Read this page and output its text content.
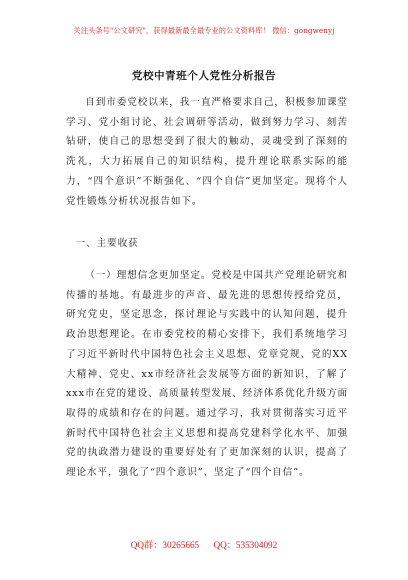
关注头条号"公文研究"，获得最新最全最专业的公文资料库！ 微信：gongwenyj
党校中青班个人党性分析报告

自到市委党校以来，我一直严格要求自己，积极参加课堂学习、党小组讨论、社会调研等活动，做到努力学习、刻苦钻研，使自己的思想受到了很大的触动，灵魂受到了深刻的洗礼，大力拓展自己的知识结构，提升理论联系实际的能力，“四个意识”不断强化、“四个自信”更加坚定。现将个人党性锻炼分析状况报告如下。

一、主要收获

（一）理想信念更加坚定。党校是中国共产党理论研究和传播的基地。有最进步的声音、最先进的思想传授给党员，研究党史，坚定思念，探讨理论与实践中的认知问题，提升政治思想理论。在市委党校的精心安排下，我们系统地学习了习近平新时代中国特色社会主义思想、党章党规、党的XX大精神、党史、xx市经济社会发展等方面的新知识，了解了xxx市在党的建设、高质量转型发展、经济体系优化升级方面取得的成绩和存在的问题。通过学习，我对贯彻落实习近平新时代中国特色社会主义思想和提高党建科学化水平、加强党的执政潜力建设的重要好处有了更加深刻的认识，提高了理论水平，强化了“四个意识”、坚定了“四个自信”。

QQ群：30265665 QQ：535304092
